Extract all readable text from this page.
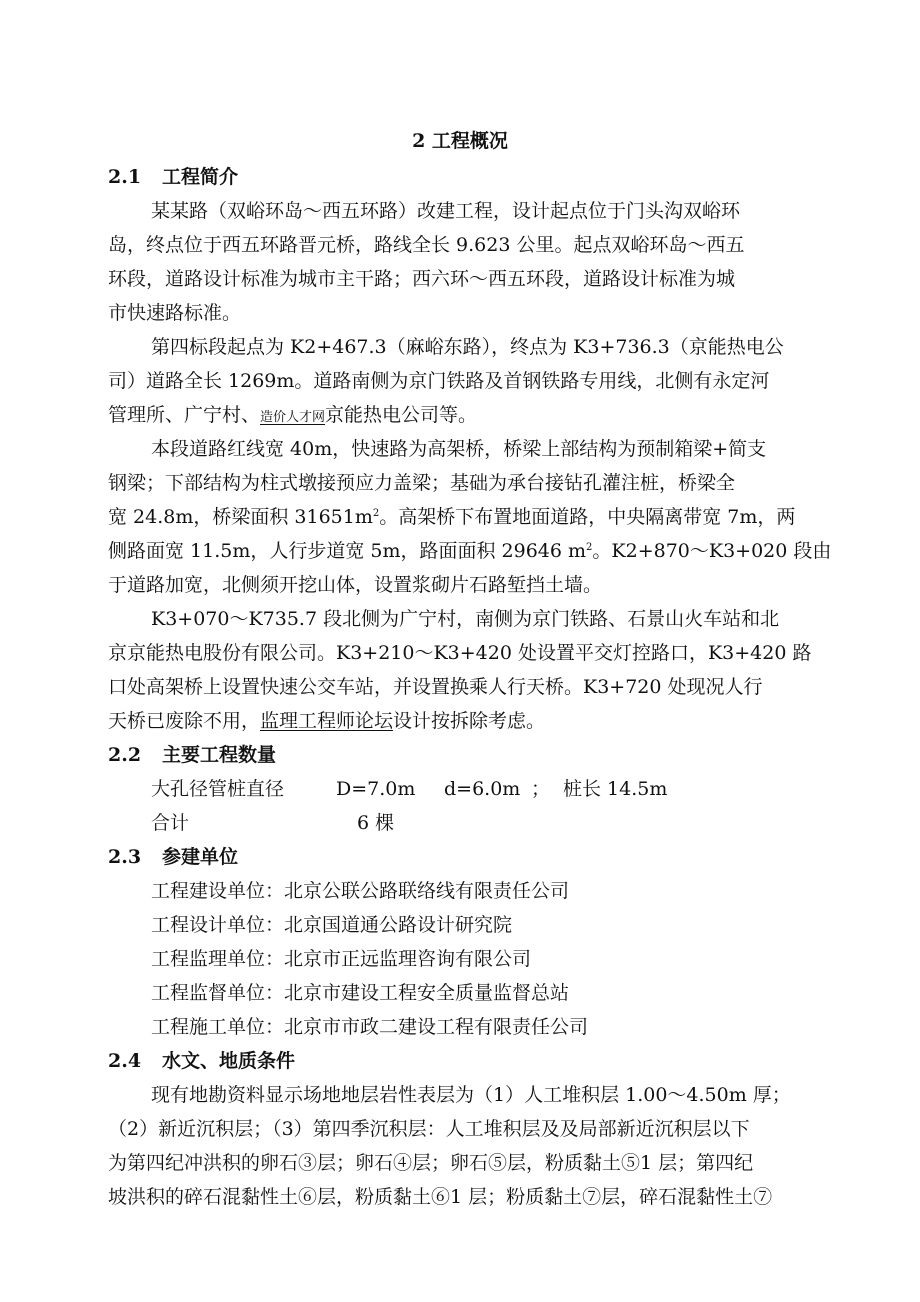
2 工程概况
2.1 工程简介
某某路（双峪环岛～西五环路）改建工程，设计起点位于门头沟双峪环
岛，终点位于西五环路晋元桥，路线全长 9.623 公里。起点双峪环岛～西五
环段，道路设计标准为城市主干路；西六环～西五环段，道路设计标准为城
市快速路标准。
第四标段起点为 K2+467.3（麻峪东路），终点为 K3+736.3（京能热电公
司）道路全长 1269m。道路南侧为京门铁路及首钢铁路专用线，北侧有永定河
管理所、广宁村、造价人才网京能热电公司等。
本段道路红线宽 40m，快速路为高架桥，桥梁上部结构为预制箱梁+简支
钢梁；下部结构为柱式墩接预应力盖梁；基础为承台接钻孔灌注桩，桥梁全
宽 24.8m，桥梁面积 $31651m^2$。高架桥下布置地面道路，中央隔离带宽 7m，两
侧路面宽 11.5m，人行步道宽 5m，路面面积 29646 $m^2$。K2+870～K3+020 段由
于道路加宽，北侧须开挖山体，设置浆砌片石路堑挡土墙。
K3+070～K735.7 段北侧为广宁村，南侧为京门铁路、石景山火车站和北
京京能热电股份有限公司。K3+210～K3+420 处设置平交灯控路口，K3+420 路
口处高架桥上设置快速公交车站，并设置换乘人行天桥。K3+720 处现况人行
天桥已废除不用，监理工程师论坛设计按拆除考虑。
2.2 主要工程数量
大孔径管桩直径	D=7.0m d=6.0m ； 桩长 14.5m
合计	6 棵
2.3 参建单位
工程建设单位：北京公联公路联络线有限责任公司
工程设计单位：北京国道通公路设计研究院
工程监理单位：北京市正远监理咨询有限公司
工程监督单位：北京市建设工程安全质量监督总站
工程施工单位：北京市市政二建设工程有限责任公司
2.4 水文、地质条件
现有地勘资料显示场地地层岩性表层为（1）人工堆积层 1.00～4.50m 厚；
（2）新近沉积层；（3）第四季沉积层：人工堆积层及及局部新近沉积层以下
为第四纪冲洪积的卵石③层；卵石④层；卵石⑤层，粉质黏土⑤1 层；第四纪
坡洪积的碎石混黏性土⑥层，粉质黏土⑥1 层；粉质黏土⑦层，碎石混黏性土⑦
